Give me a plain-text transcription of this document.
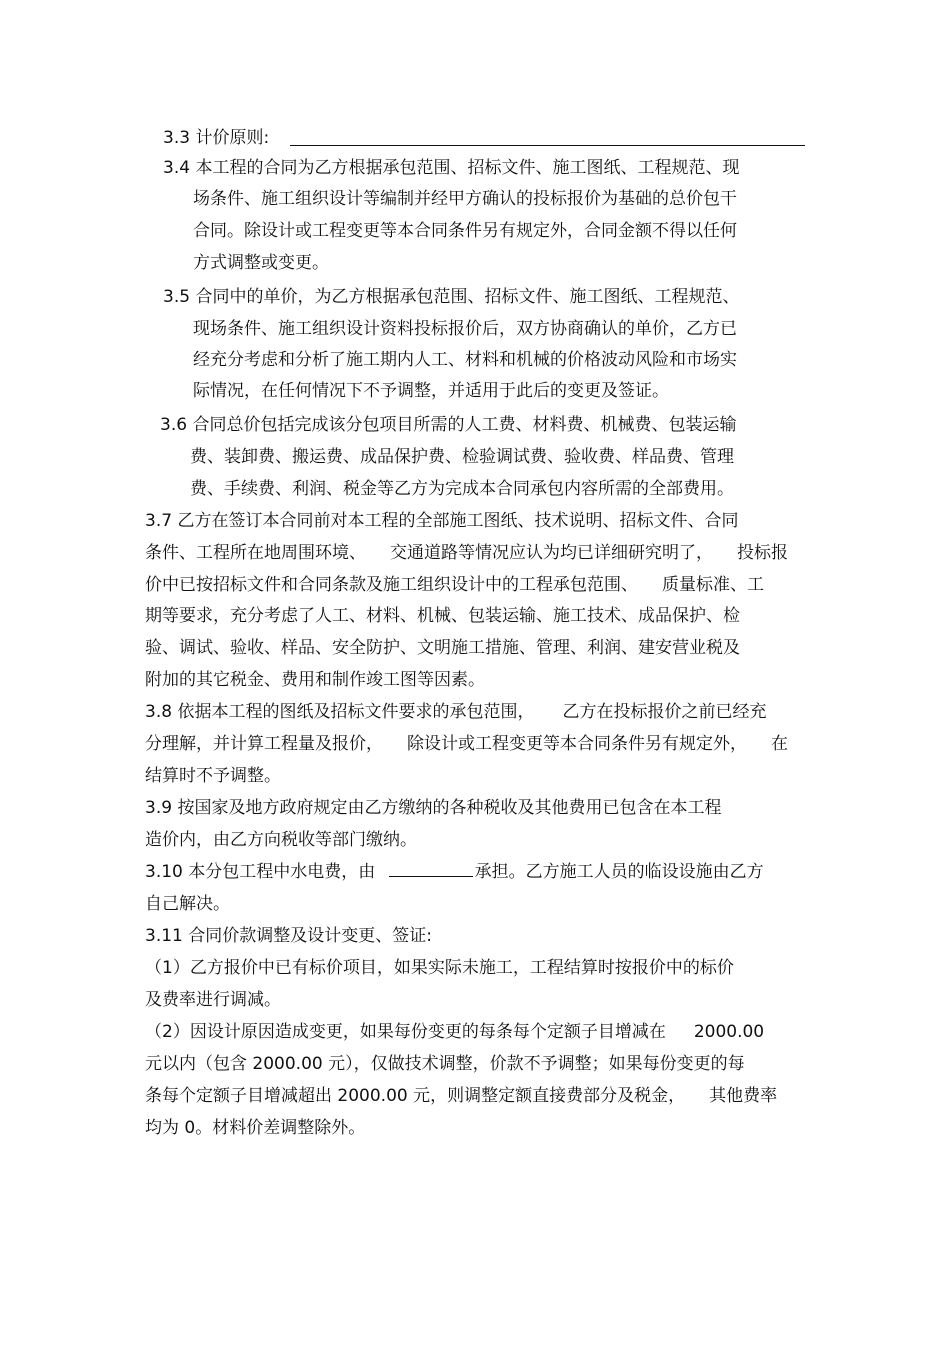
3.3 计价原则:

3.4 本工程的合同为乙方根据承包范围、招标文件、施工图纸、工程规范、现

场条件、施工组织设计等编制并经甲方确认的投标报价为基础的总价包干

合同。除设计或工程变更等本合同条件另有规定外，合同金额不得以任何

方式调整或变更。

3.5 合同中的单价，为乙方根据承包范围、招标文件、施工图纸、工程规范、

现场条件、施工组织设计资料投标报价后，双方协商确认的单价，乙方已

经充分考虑和分析了施工期内人工、材料和机械的价格波动风险和市场实

际情况，在任何情况下不予调整，并适用于此后的变更及签证。

3.6 合同总价包括完成该分包项目所需的人工费、材料费、机械费、包装运输

费、装卸费、搬运费、成品保护费、检验调试费、验收费、样品费、管理

费、手续费、利润、税金等乙方为完成本合同承包内容所需的全部费用。

3.7 乙方在签订本合同前对本工程的全部施工图纸、技术说明、招标文件、合同

条件、工程所在地周围环境、 交通道路等情况应认为均已详细研究明了， 投标报

价中已按招标文件和合同条款及施工组织设计中的工程承包范围、 质量标准、工

期等要求，充分考虑了人工、材料、机械、包装运输、施工技术、成品保护、检

验、调试、验收、样品、安全防护、文明施工措施、管理、利润、建安营业税及

附加的其它税金、费用和制作竣工图等因素。

3.8 依据本工程的图纸及招标文件要求的承包范围， 乙方在投标报价之前已经充

分理解，并计算工程量及报价， 除设计或工程变更等本合同条件另有规定外， 在

结算时不予调整。

3.9 按国家及地方政府规定由乙方缴纳的各种税收及其他费用已包含在本工程

造价内，由乙方向税收等部门缴纳。

3.10 本分包工程中水电费，由	承担。乙方施工人员的临设设施由乙方

自己解决。

3.11 合同价款调整及设计变更、签证:

（1）乙方报价中已有标价项目，如果实际未施工，工程结算时按报价中的标价

及费率进行调减。

（2）因设计原因造成变更，如果每份变更的每条每个定额子目增减在 2000.00

元以内（包含 2000.00 元），仅做技术调整，价款不予调整；如果每份变更的每

条每个定额子目增减超出 2000.00 元，则调整定额直接费部分及税金， 其他费率

均为 0。材料价差调整除外。
